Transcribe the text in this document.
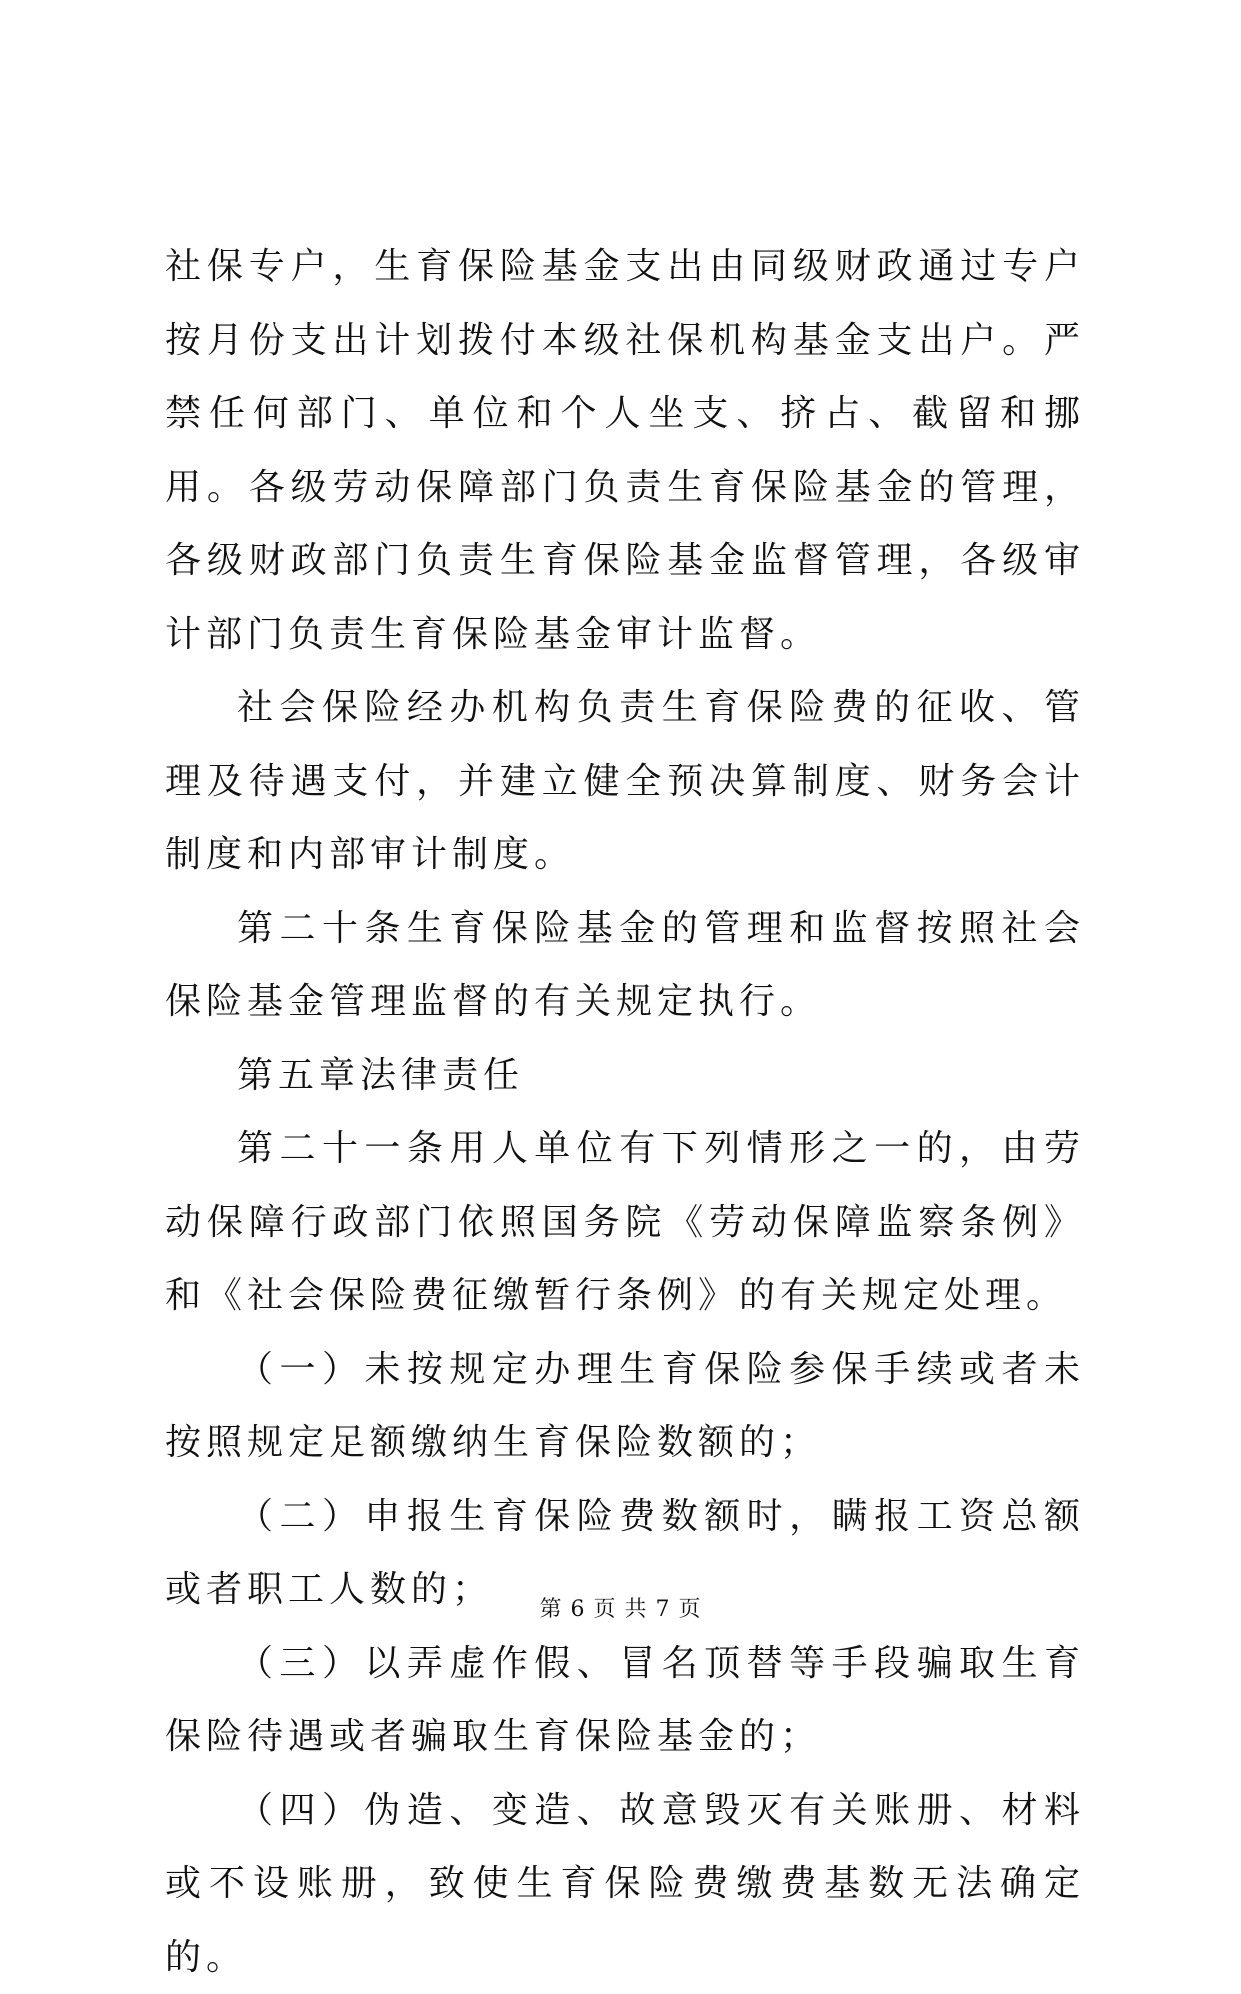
社保专户，生育保险基金支出由同级财政通过专户按月份支出计划拨付本级社保机构基金支出户。严禁任何部门、单位和个人坐支、挤占、截留和挪用。各级劳动保障部门负责生育保险基金的管理，各级财政部门负责生育保险基金监督管理，各级审计部门负责生育保险基金审计监督。

社会保险经办机构负责生育保险费的征收、管理及待遇支付，并建立健全预决算制度、财务会计制度和内部审计制度。

第二十条生育保险基金的管理和监督按照社会保险基金管理监督的有关规定执行。

第五章法律责任

第二十一条用人单位有下列情形之一的，由劳动保障行政部门依照国务院《劳动保障监察条例》和《社会保险费征缴暂行条例》的有关规定处理。

（一）未按规定办理生育保险参保手续或者未按照规定足额缴纳生育保险数额的；

（二）申报生育保险费数额时，瞒报工资总额或者职工人数的；

（三）以弄虚作假、冒名顶替等手段骗取生育保险待遇或者骗取生育保险基金的；

（四）伪造、变造、故意毁灭有关账册、材料或不设账册，致使生育保险费缴费基数无法确定的。

第 6 页 共 7 页
